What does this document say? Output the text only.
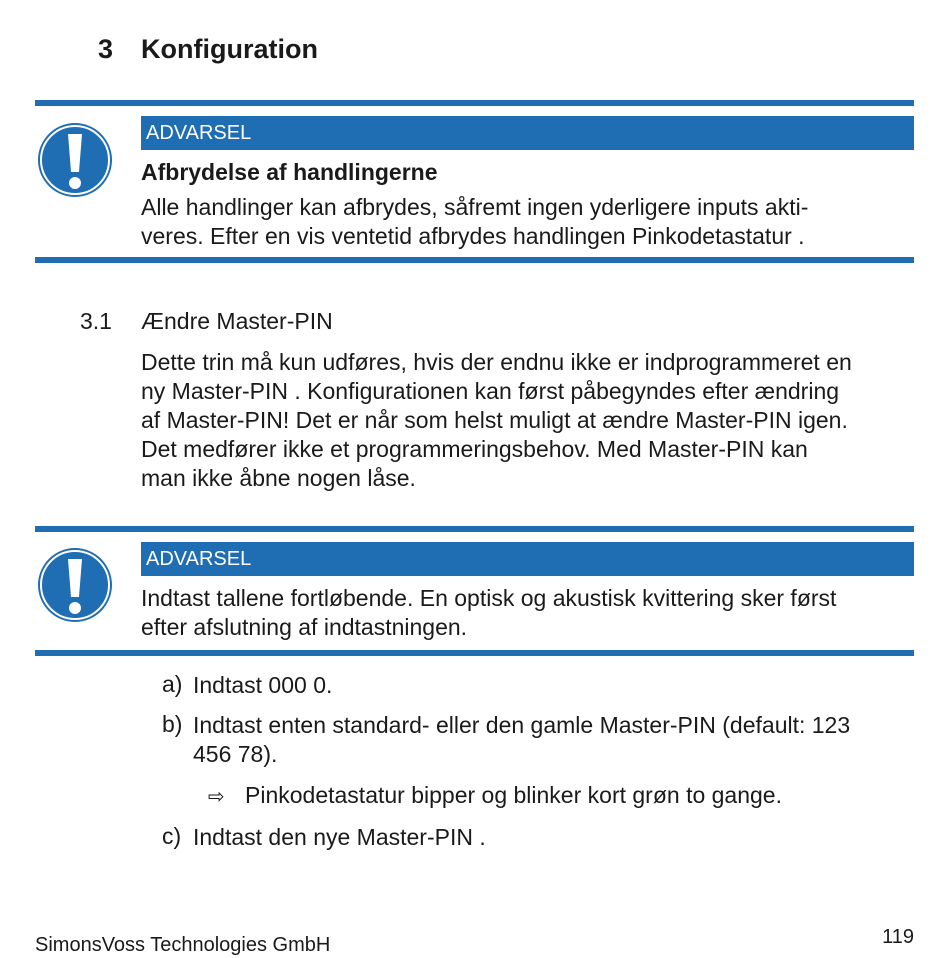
3 Konfiguration
ADVARSEL
Afbrydelse af handlingerne
Alle handlinger kan afbrydes, såfremt ingen yderligere inputs akti-
veres. Efter en vis ventetid afbrydes handlingen Pinkodetastatur .
3.1 Ændre Master-PIN
Dette trin må kun udføres, hvis der endnu ikke er indprogrammeret en
ny Master-PIN . Konfigurationen kan først påbegyndes efter ændring
af Master-PIN! Det er når som helst muligt at ændre Master-PIN igen.
Det medfører ikke et programmeringsbehov. Med Master-PIN kan
man ikke åbne nogen låse.
ADVARSEL
Indtast tallene fortløbende. En optisk og akustisk kvittering sker først
efter afslutning af indtastningen.
a) Indtast 000 0.
b) Indtast enten standard- eller den gamle Master-PIN (default: 123
456 78).
⇨ Pinkodetastatur bipper og blinker kort grøn to gange.
c) Indtast den nye Master-PIN .
SimonsVoss Technologies GmbH	119
